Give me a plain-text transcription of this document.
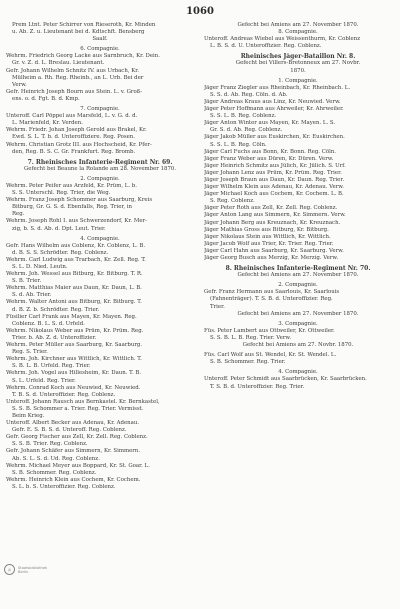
1060
Prem Ltnt. Peter Schirrer von Rieseroth, Kr. Minden
u. Ab. Z. u. Lieutenant bei d. Kdtschft. Bensberg
Saalf.
6. Compagnie.
Wehrm. Friedrich Georg Lacke aus Sarnbruch, Kr. Dein.
Gr. v. Z. d. L. Breslau. Lieutenant.
Gefr. Johann Wilhelm Schnitz IV. aus Urbach, Kr.
Mülheim a. Rh. Reg. Rheinb., an L. Urb. Bei der
Verw.
Gefr. Heinrich Joseph Bourn aus Stein. L. v. Groß-
ens. o. d. Fgt. B. d. Kmp.
7. Compagnie.
Unteroff. Carl Pöppel aus Marsfeld, L. v. G. d. d.
L. Marienfeld, Kr. Verden.
Wehrm. Friedr. Johan Joseph Gerold aus Brakel, Kr.
Ewd. S. L. T. b. d. Unteroffiziere. Reg. Posen.
Wehrm. Christian Grotz III. aus Hochscheid, Kr. Pfer-
den, Reg. B. S. C. Gr. Frankfurt. Reg. Bromb.
7. Rheinisches Infanterie-Regiment Nr. 69.
Gefecht bei Beaune la Rolande am 28. November 1870.
2. Compagnie.
Wehrm. Peter Peifer aus Arzfeld, Kr. Prüm, L. b.
S. S. Unterschl. Reg. Trier, die Weg.
Wehrm. Franz Joseph Schommer aus Saarburg, Kreis
Bitburg, Gr. G. S. d. Ebenfalls, Reg. Trier, in
Reg.
Wehrm. Joseph Rohl I. aus Schwerzendorf, Kr. Mer-
zig, b. S. d. Ab. d. Dpt. Leut. Trier.
4. Compagnie.
Gefr. Hans Wilhelm aus Coblenz, Kr. Coblenz, L. B.
d. B. S. S. Schrödter. Reg. Coblenz.
Wehrm. Carl Ludwig aus Trarbach, Kr. Zell. Reg. T.
S. L. D. Nied. Leutn.
Wehrm. Joh. Wessel aus Bitburg, Kr. Bitburg. T. R.
S. B. Trier.
Wehrm. Matthias Maier aus Daun, Kr. Daun, L. B.
S. d. Ab. Trier.
Wehrm. Walter Antoni aus Bitburg, Kr. Bitburg. T.
d. B. Z. b. Schrödter. Reg. Trier.
Füsilier Carl Frank aus Mayen, Kr. Mayen. Reg.
Coblenz. B. L. S. d. Urfeld.
Wehrm. Nikolaus Weber aus Prüm, Kr. Prüm. Reg.
Trier. b. Ab. Z. d. Unteroffizier.
Wehrm. Peter Müller aus Saarburg, Kr. Saarburg.
Reg. S. Trier.
Wehrm. Joh. Kirchner aus Wittlich, Kr. Wittlich. T.
S. B. L. B. Urfeld. Reg. Trier.
Wehrm. Joh. Vogel aus Hillesheim, Kr. Daun. T. B.
S. L. Urfeld. Reg. Trier.
Wehrm. Conrad Koch aus Neuwied, Kr. Neuwied.
T. B. S. d. Unteroffizier. Reg. Coblenz.
Unteroff. Johann Rausch aus Bernkastel. Kr. Bernkastel,
S. S. B. Schommer a. Trier. Reg. Trier. Vermisst.
Beim Krieg.
Unteroff. Albert Becker aus Adenau, Kr. Adenau.
Gefr. E. S. B. S. d. Unteroff. Reg. Coblenz.
Gefr. Georg Fischer aus Zell, Kr. Zell. Reg. Coblenz.
S. S. B. Trier. Reg. Coblenz.
Gefr. Johann Schäfer aus Simmern, Kr. Simmern.
Ab. S. L. S. d. Ud. Reg. Coblenz.
Wehrm. Michael Meyer aus Boppard, Kr. St. Goar. L.
S. B. Schommer. Reg. Coblenz.
Wehrm. Heinrich Klein aus Cochem, Kr. Cochem.
S. L. b. S. Unteroffizier. Reg. Coblenz.
Gefecht bei Amiens am 27. November 1870.
8. Compagnie.
Unteroff. Andreas Wiebel aus Weissenthurm, Kr. Coblenz
L. B. S. d. U. Unteroffizier. Reg. Coblenz.
Rheinisches Jäger-Bataillon Nr. 8.
Gefecht bei Villers-Bretonneux am 27. Novbr.
1870.
1. Compagnie.
Jäger Franz Ziegler aus Rheinbach, Kr. Rheinbach. L.
S. S. d. Ab. Reg. Cöln. d. Ab.
Jäger Andreas Kraus aus Linz, Kr. Neuwied. Verw.
Jäger Peter Hoffmann aus Ahrweiler, Kr. Ahrweiler.
S. S. L. B. Reg. Coblenz.
Jäger Anton Winter aus Mayen, Kr. Mayen. L. S.
Gr. S. d. Ab. Reg. Coblenz.
Jäger Jakob Müller aus Euskirchen, Kr. Euskirchen.
S. S. L. B. Reg. Cöln.
Jäger Carl Fuchs aus Bonn, Kr. Bonn. Reg. Cöln.
Jäger Franz Weber aus Düren, Kr. Düren. Verw.
Jäger Heinrich Schmitz aus Jülich, Kr. Jülich. S. Urf.
Jäger Johann Lenz aus Prüm, Kr. Prüm. Reg. Trier.
Jäger Joseph Braun aus Daun, Kr. Daun. Reg. Trier.
Jäger Wilhelm Klein aus Adenau, Kr. Adenau. Verw.
Jäger Michael Koch aus Cochem, Kr. Cochem. L. B.
S. Reg. Coblenz.
Jäger Peter Roth aus Zell, Kr. Zell. Reg. Coblenz.
Jäger Anton Lang aus Simmern, Kr. Simmern. Verw.
Jäger Johann Berg aus Kreuznach, Kr. Kreuznach.
Jäger Mathias Gross aus Bitburg, Kr. Bitburg.
Jäger Nikolaus Stein aus Wittlich, Kr. Wittlich.
Jäger Jacob Wolf aus Trier, Kr. Trier. Reg. Trier.
Jäger Carl Hahn aus Saarburg, Kr. Saarburg. Verw.
Jäger Georg Busch aus Merzig, Kr. Merzig. Verw.
8. Rheinisches Infanterie-Regiment Nr. 70.
Gefecht bei Amiens am 27. November 1870.
2. Compagnie.
Gefr. Franz Hermann aus Saarlouis, Kr. Saarlouis
(Fahnenträger). T. S. B. d. Unteroffizier. Reg.
Trier.
Gefecht bei Amiens am 27. November 1870.
3. Compagnie.
Füs. Peter Lambert aus Ottweiler, Kr. Ottweiler.
S. S. B. L. B. Reg. Trier. Verw.
Gefecht bei Amiens am 27. Novbr. 1870.
Füs. Carl Wolf aus St. Wendel, Kr. St. Wendel. L.
S. B. Schommer. Reg. Trier.
4. Compagnie.
Unteroff. Peter Schmidt aus Saarbrücken, Kr. Saarbrücken.
T. S. B. d. Unteroffizier. Reg. Trier.
◎	Staatsbibliothek
Berlin
